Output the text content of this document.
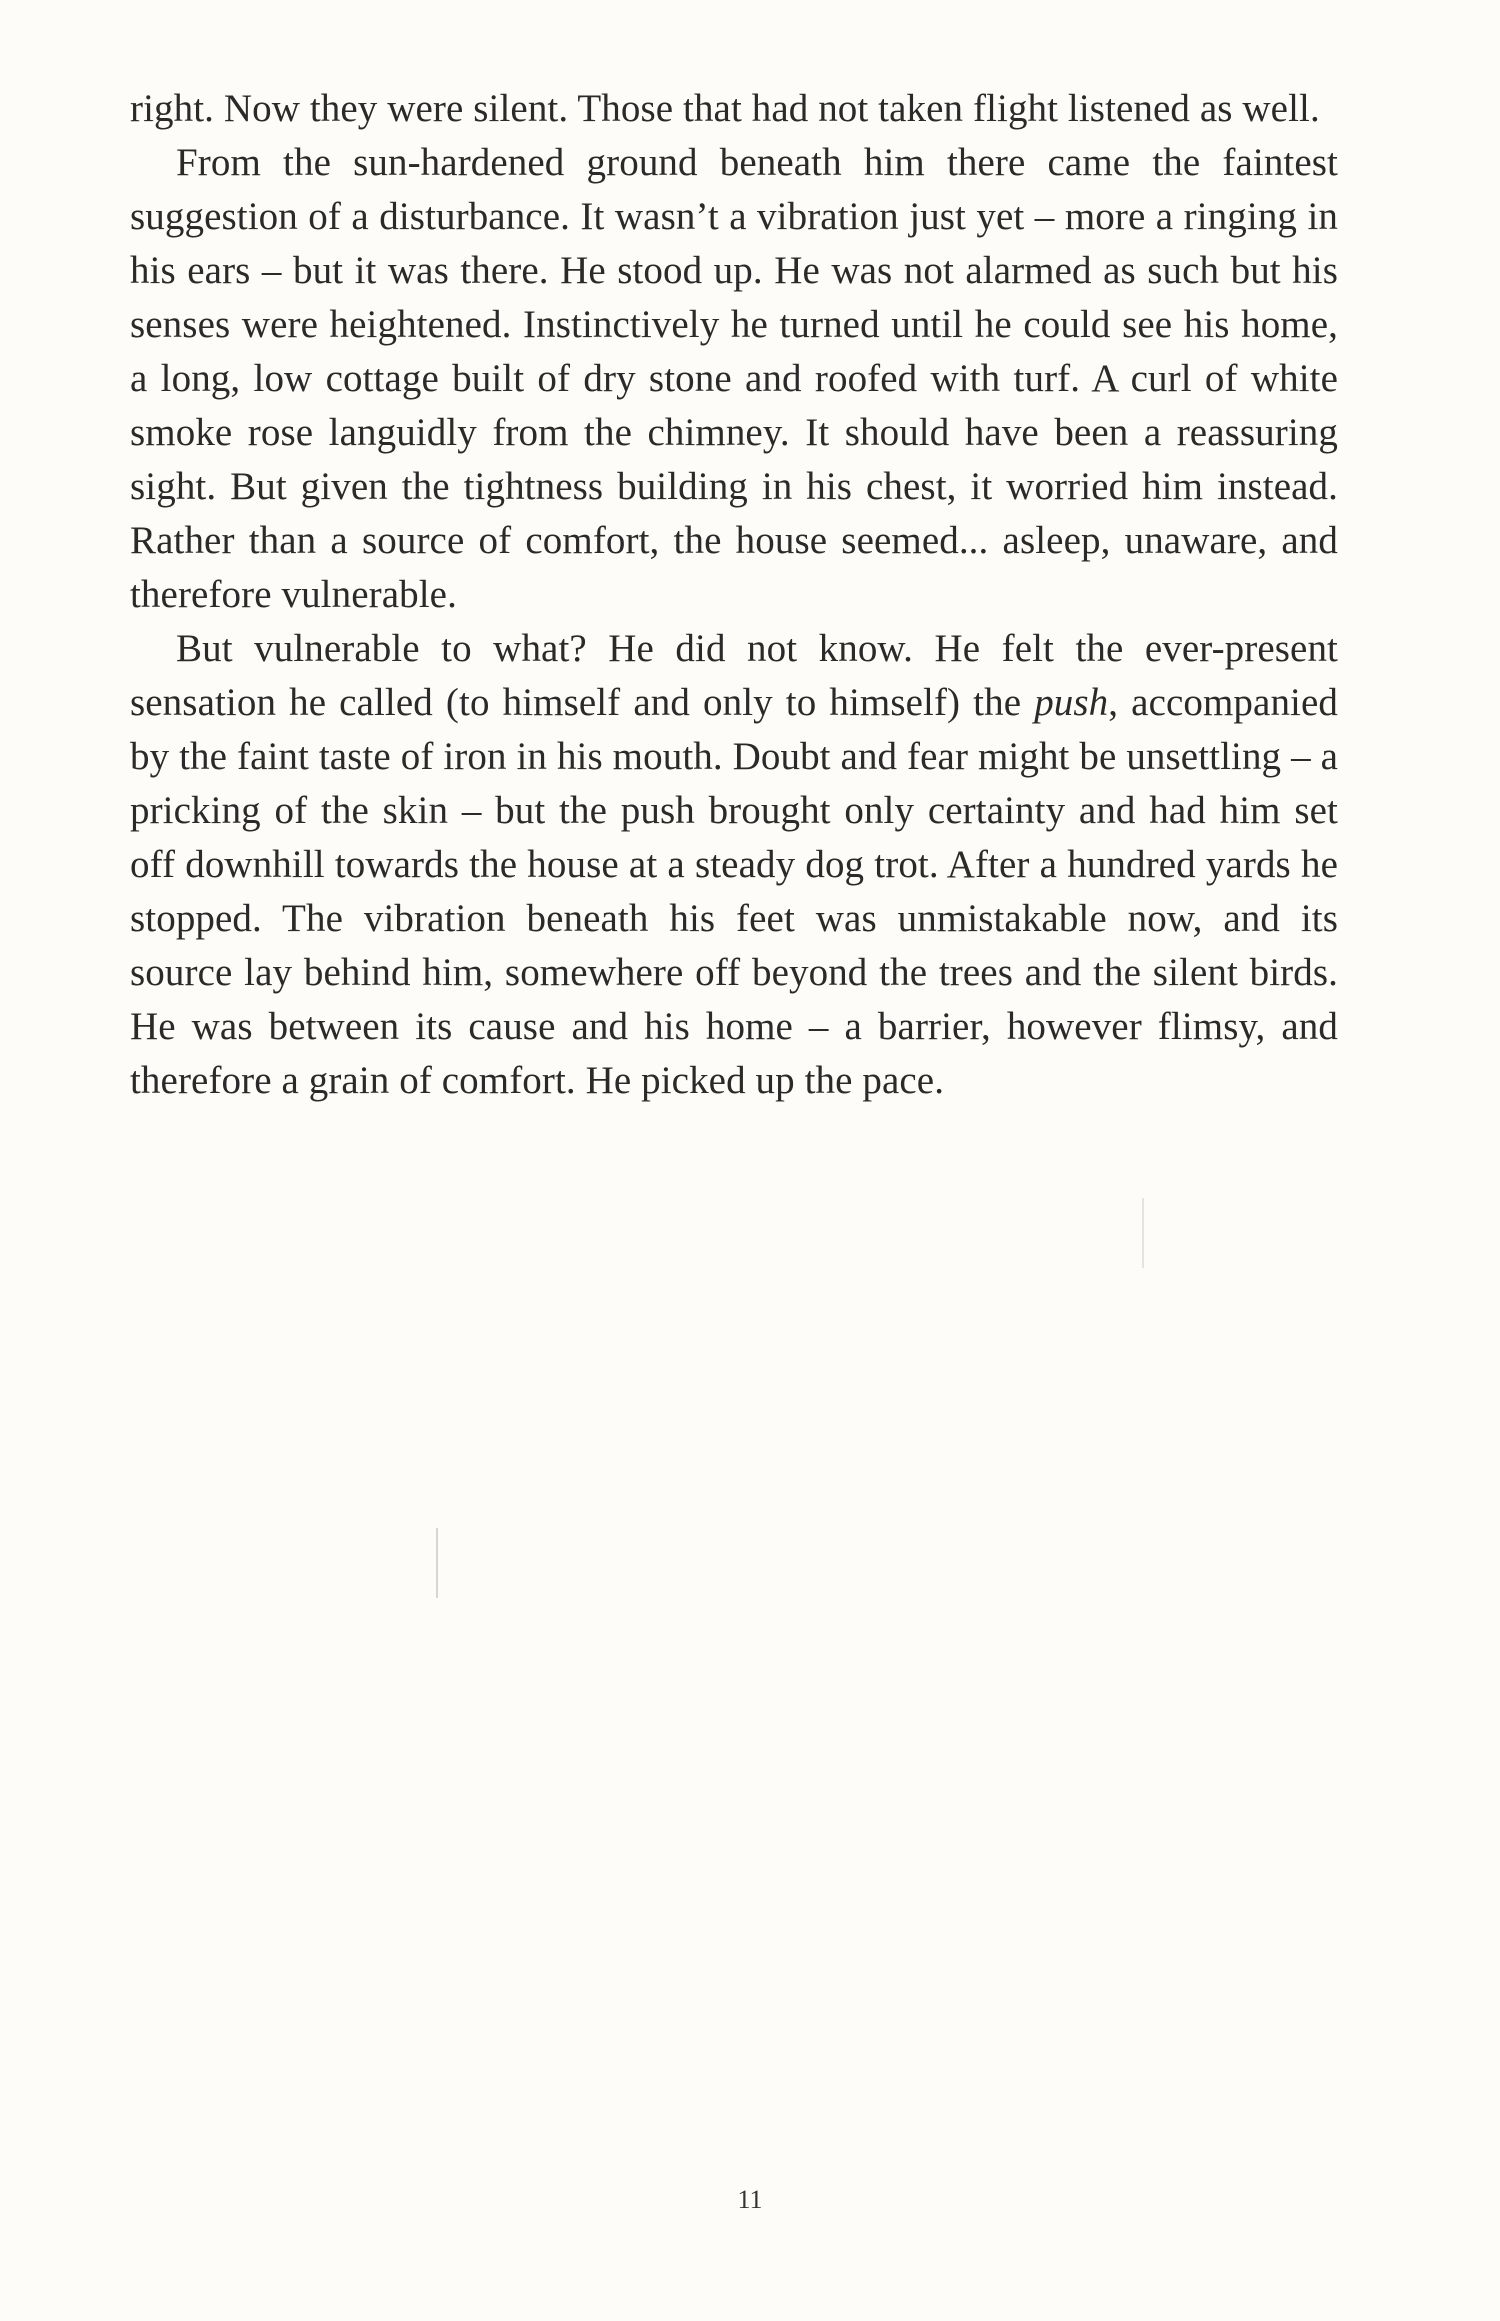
right. Now they were silent. Those that had not taken flight listened as well.

From the sun-hardened ground beneath him there came the faintest suggestion of a disturbance. It wasn’t a vibration just yet – more a ringing in his ears – but it was there. He stood up. He was not alarmed as such but his senses were heightened. Instinctively he turned until he could see his home, a long, low cottage built of dry stone and roofed with turf. A curl of white smoke rose languidly from the chimney. It should have been a reassuring sight. But given the tightness building in his chest, it worried him instead. Rather than a source of comfort, the house seemed... asleep, unaware, and therefore vulnerable.

But vulnerable to what? He did not know. He felt the ever-present sensation he called (to himself and only to himself) the push, accompanied by the faint taste of iron in his mouth. Doubt and fear might be unsettling – a pricking of the skin – but the push brought only certainty and had him set off downhill towards the house at a steady dog trot. After a hundred yards he stopped. The vibration beneath his feet was unmistakable now, and its source lay behind him, somewhere off beyond the trees and the silent birds. He was between its cause and his home – a barrier, however flimsy, and therefore a grain of comfort. He picked up the pace.

11
